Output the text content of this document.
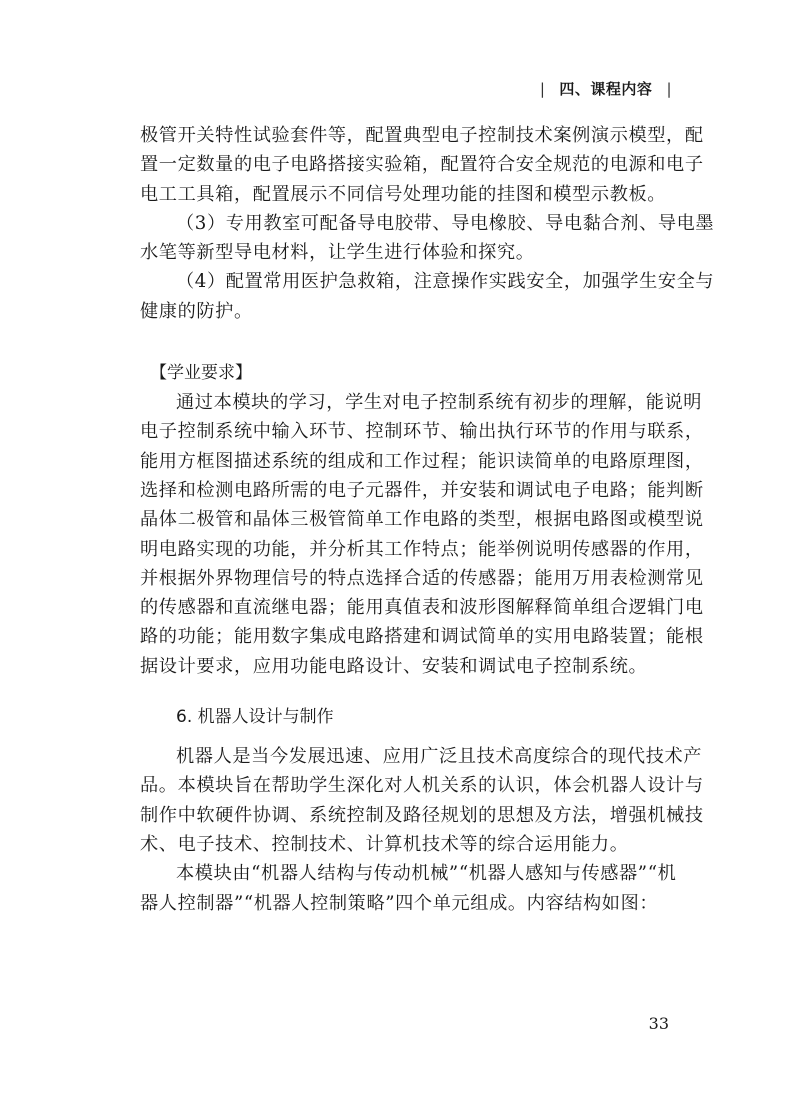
| 四、课程内容 |
极管开关特性试验套件等，配置典型电子控制技术案例演示模型，配
置一定数量的电子电路搭接实验箱，配置符合安全规范的电源和电子
电工工具箱，配置展示不同信号处理功能的挂图和模型示教板。
（3）专用教室可配备导电胶带、导电橡胶、导电黏合剂、导电墨
水笔等新型导电材料，让学生进行体验和探究。
（4）配置常用医护急救箱，注意操作实践安全，加强学生安全与
健康的防护。
【学业要求】
通过本模块的学习，学生对电子控制系统有初步的理解，能说明
电子控制系统中输入环节、控制环节、输出执行环节的作用与联系，
能用方框图描述系统的组成和工作过程；能识读简单的电路原理图，
选择和检测电路所需的电子元器件，并安装和调试电子电路；能判断
晶体二极管和晶体三极管简单工作电路的类型，根据电路图或模型说
明电路实现的功能，并分析其工作特点；能举例说明传感器的作用，
并根据外界物理信号的特点选择合适的传感器；能用万用表检测常见
的传感器和直流继电器；能用真值表和波形图解释简单组合逻辑门电
路的功能；能用数字集成电路搭建和调试简单的实用电路装置；能根
据设计要求，应用功能电路设计、安装和调试电子控制系统。
6. 机器人设计与制作
机器人是当今发展迅速、应用广泛且技术高度综合的现代技术产
品。本模块旨在帮助学生深化对人机关系的认识，体会机器人设计与
制作中软硬件协调、系统控制及路径规划的思想及方法，增强机械技
术、电子技术、控制技术、计算机技术等的综合运用能力。
本模块由“机器人结构与传动机械”“机器人感知与传感器”“机
器人控制器”“机器人控制策略”四个单元组成。内容结构如图：
33
